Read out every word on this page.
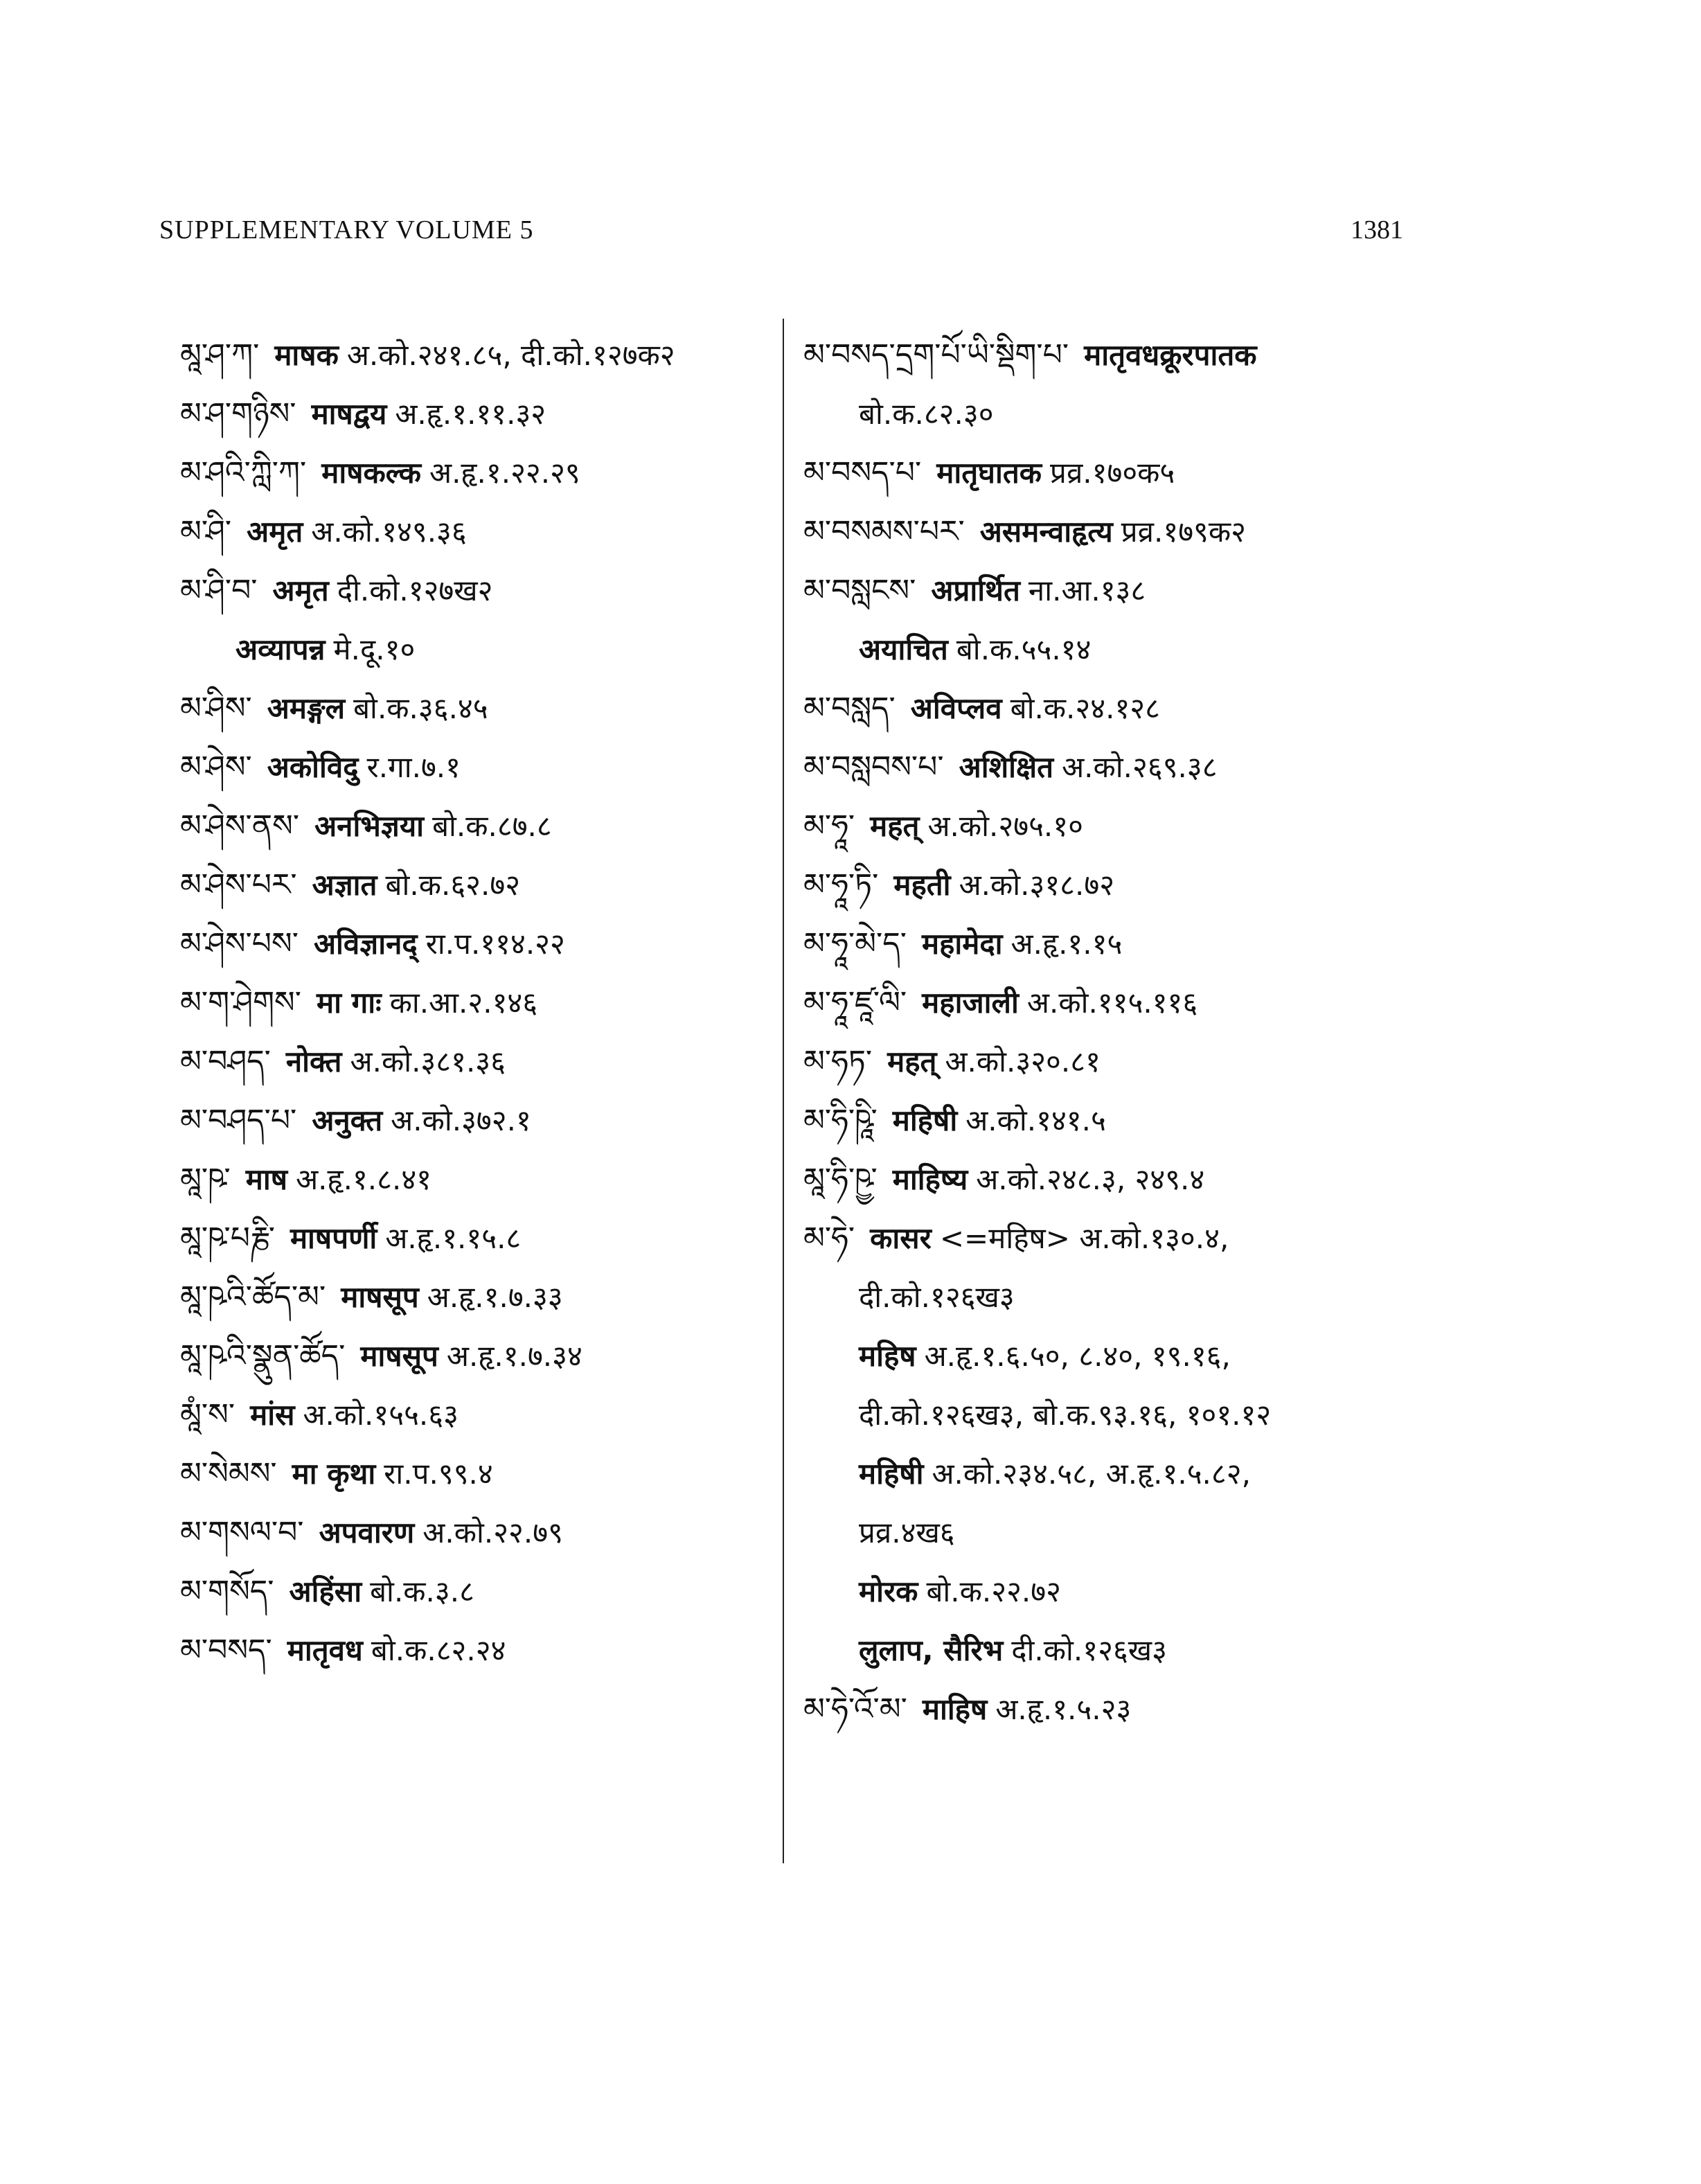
SUPPLEMENTARY VOLUME 5	1381
མཱ་ཤ་ཀ་ माषक अ.को.२४१.८५, दी.को.१२७क२
མ་ཤ་གཉིས་ माषद्वय अ.हृ.१.११.३२
མ་ཤའི་ཀླི་ཀ་ माषकल्क अ.हृ.१.२२.२९
མ་ཤི་ अमृत अ.को.१४९.३६
མ་ཤི་བ་ अमृत दी.को.१२७ख२
अव्यापन्न मे.दू.१०
མ་ཤིས་ अमङ्गल बो.क.३६.४५
མ་ཤེས་ अकोविदु र.गा.७.१
མ་ཤེས་ནས་ अनभिज्ञया बो.क.८७.८
མ་ཤེས་པར་ अज्ञात बो.क.६२.७२
མ་ཤེས་པས་ अविज्ञानद् रा.प.११४.२२
མ་ག་ཤེགས་ मा गाः का.आ.२.१४६
མ་བཤད་ नोक्त अ.को.३८१.३६
མ་བཤད་པ་ अनुक्त अ.को.३७२.१
མཱ་ཥ་ माष अ.हृ.१.८.४१
མཱ་ཥ་པརྞི་ माषपर्णी अ.हृ.१.१५.८
མཱ་ཥའི་ཚོད་མ་ माषसूप अ.हृ.१.७.३३
མཱ་ཥའི་སྣུན་ཚོད་ माषसूप अ.हृ.१.७.३४
མཱཾ་ས་ मांस अ.को.१५५.६३
མ་སེམས་ मा कृथा रा.प.९९.४
མ་གསལ་བ་ अपवारण अ.को.२२.७९
མ་གསོད་ अहिंसा बो.क.३.८
མ་བསད་ मातृवध बो.क.८२.२४
མ་བསད་དྲག་པོ་ཡི་སྡིག་པ་ मातृवधक्रूरपातक
बो.क.८२.३०
མ་བསད་པ་ मातृघातक प्रव्र.१७०क५
མ་བསམས་པར་ असमन्वाहृत्य प्रव्र.१७९क२
མ་བསླངས་ अप्रार्थित ना.आ.१३८
अयाचित बो.क.५५.१४
མ་བསླད་ अविप्लव बो.क.२४.१२८
མ་བསླབས་པ་ अशिक्षित अ.को.२६९.३८
མ་ཧཱ་ महत् अ.को.२७५.१०
མ་ཧཱ་ཏི་ महती अ.को.३१८.७२
མ་ཧཱ་མེ་ད་ महामेदा अ.हृ.१.१५
མ་ཧཱ་ཛཱ་ལི་ महाजाली अ.को.११५.११६
མ་ཧཏ་ महत् अ.को.३२०.८१
མ་ཧི་ཥཱི་ महिषी अ.को.१४१.५
མཱ་ཧི་ཥྱ་ माहिष्य अ.को.२४८.३, २४९.४
མ་ཧེ་ कासर <=महिष> अ.को.१३०.४,
दी.को.१२६ख३
महिष अ.हृ.१.६.५०, ८.४०, १९.१६,
दी.को.१२६ख३, बो.क.९३.१६, १०१.१२
महिषी अ.को.२३४.५८, अ.हृ.१.५.८२,
प्रव्र.४ख६
मोरक बो.क.२२.७२
लुलाप, सैरिभ दी.को.१२६ख३
མ་ཧེ་འོ་མ་ माहिष अ.हृ.१.५.२३
